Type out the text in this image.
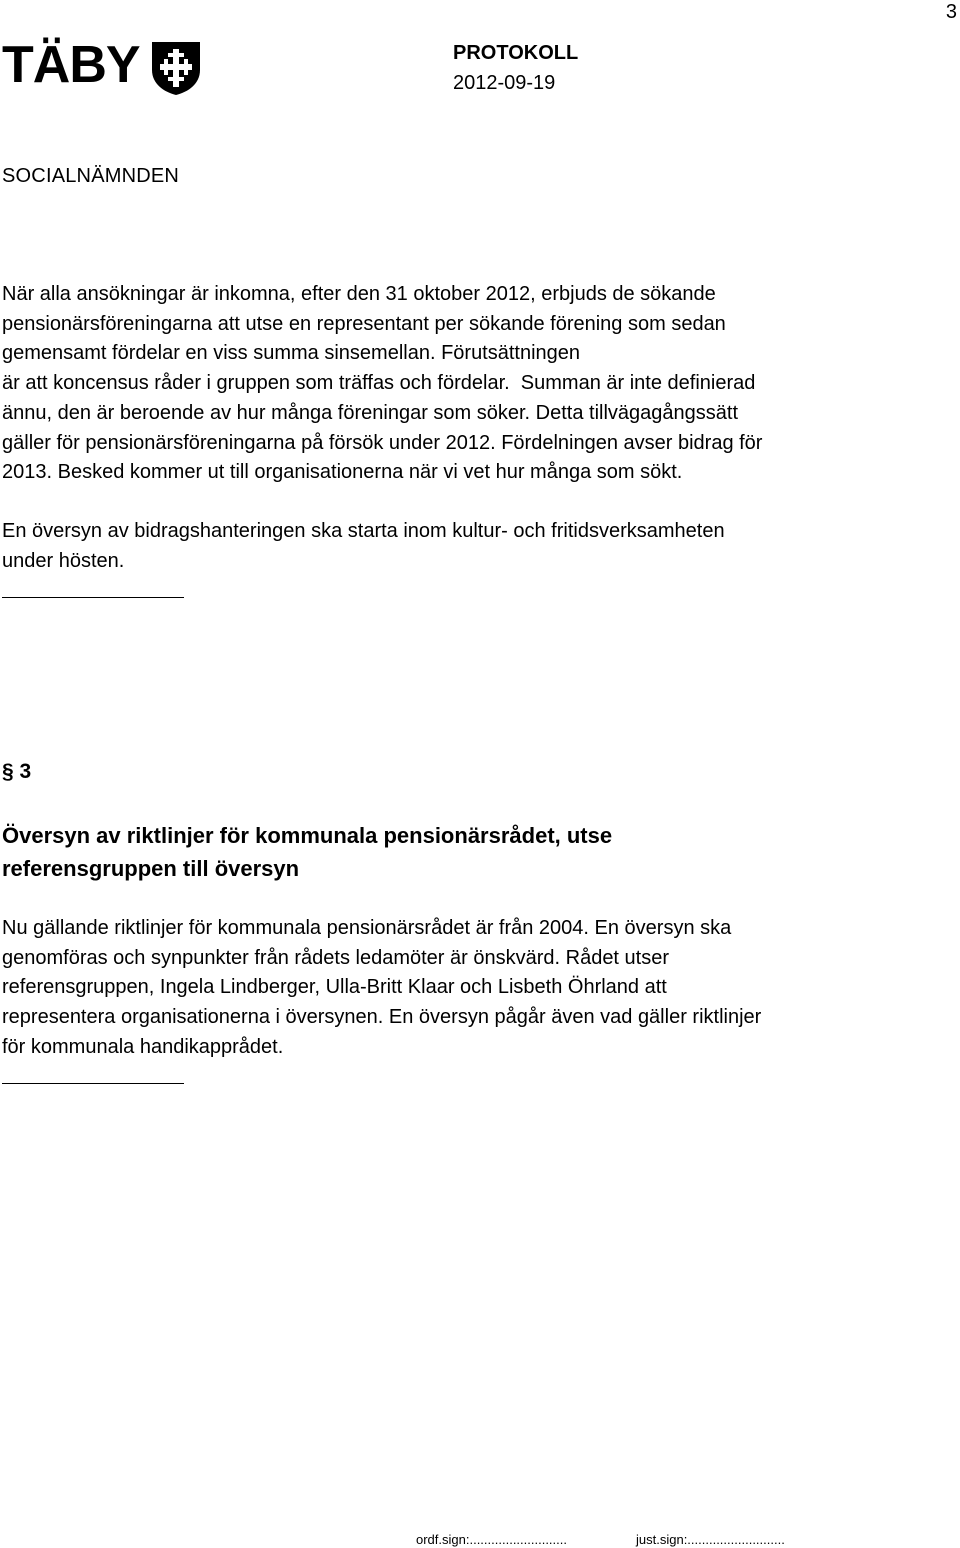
3
TÄBY	PROTOKOLL
2012-09-19
SOCIALNÄMNDEN

När alla ansökningar är inkomna, efter den 31 oktober 2012, erbjuds de sökande
pensionärsföreningarna att utse en representant per sökande förening som sedan
gemensamt fördelar en viss summa sinsemellan. Förutsättningen
är att koncensus råder i gruppen som träffas och fördelar.  Summan är inte definierad
ännu, den är beroende av hur många föreningar som söker. Detta tillvägagångssätt
gäller för pensionärsföreningarna på försök under 2012. Fördelningen avser bidrag för
2013. Besked kommer ut till organisationerna när vi vet hur många som sökt.

En översyn av bidragshanteringen ska starta inom kultur- och fritidsverksamheten
under hösten.

§ 3
Översyn av riktlinjer för kommunala pensionärsrådet, utse
referensgruppen till översyn

Nu gällande riktlinjer för kommunala pensionärsrådet är från 2004. En översyn ska
genomföras och synpunkter från rådets ledamöter är önskvärd. Rådet utser
referensgruppen, Ingela Lindberger, Ulla-Britt Klaar och Lisbeth Öhrland att
representera organisationerna i översynen. En översyn pågår även vad gäller riktlinjer
för kommunala handikapprådet.

ordf.sign:...........................	just.sign:...........................
